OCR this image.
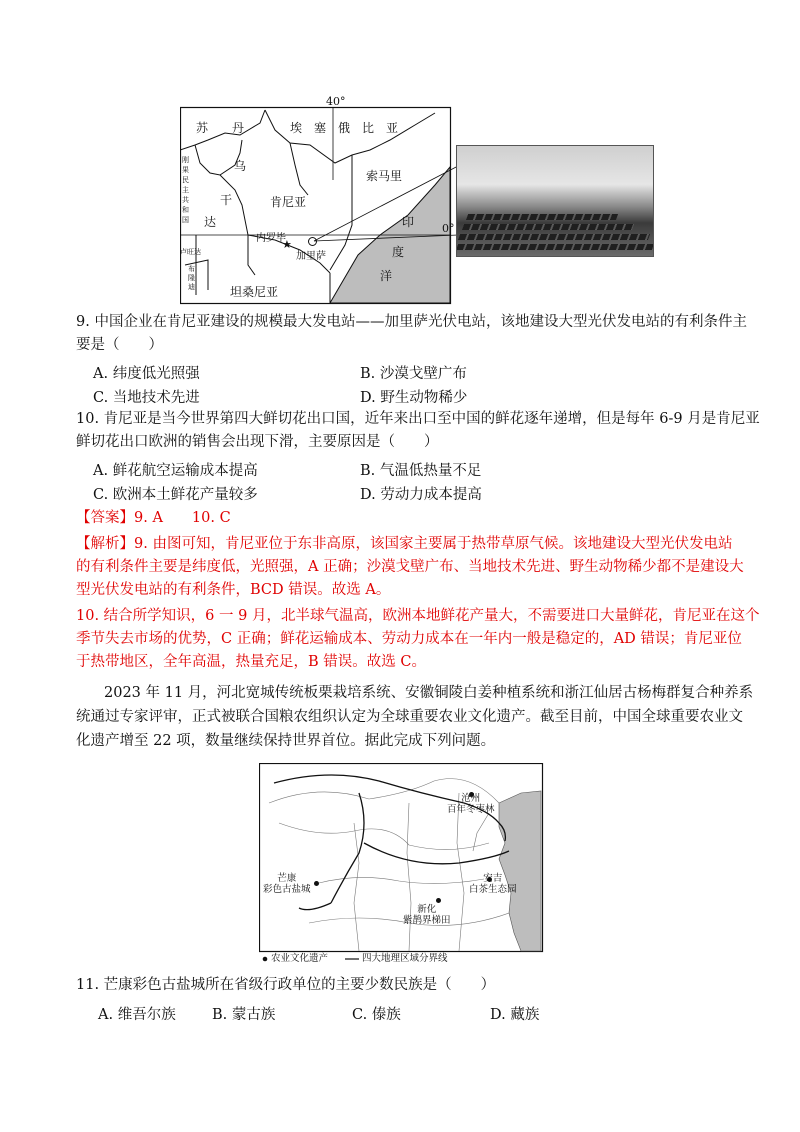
★
40°
0°
苏　　丹	埃　塞　俄　比　亚
乌
干
达
刚果民主共和国
肯尼亚
索马里
内罗毕
加里萨
卢旺达
布隆迪	坦桑尼亚
印
度
洋
9. 中国企业在肯尼亚建设的规模最大发电站——加里萨光伏电站，该地建设大型光伏发电站的有利条件主
要是（　　）
A. 纬度低光照强	B. 沙漠戈壁广布
C. 当地技术先进	D. 野生动物稀少
10. 肯尼亚是当今世界第四大鲜切花出口国，近年来出口至中国的鲜花逐年递增，但是每年 6-9 月是肯尼亚
鲜切花出口欧洲的销售会出现下滑，主要原因是（　　）
A. 鲜花航空运输成本提高	B. 气温低热量不足
C. 欧洲本土鲜花产量较多	D. 劳动力成本提高
【答案】9. A　　10. C
【解析】9. 由图可知，肯尼亚位于东非高原，该国家主要属于热带草原气候。该地建设大型光伏发电站
的有利条件主要是纬度低，光照强，A 正确；沙漠戈壁广布、当地技术先进、野生动物稀少都不是建设大
型光伏发电站的有利条件，BCD 错误。故选 A。
10. 结合所学知识，6 一 9 月，北半球气温高，欧洲本地鲜花产量大，不需要进口大量鲜花，肯尼亚在这个
季节失去市场的优势，C 正确；鲜花运输成本、劳动力成本在一年内一般是稳定的，AD 错误；肯尼亚位
于热带地区，全年高温，热量充足，B 错误。故选 C。
2023 年 11 月，河北宽城传统板栗栽培系统、安徽铜陵白姜种植系统和浙江仙居古杨梅群复合种养系
统通过专家评审，正式被联合国粮农组织认定为全球重要农业文化遗产。截至目前，中国全球重要农业文
化遗产增至 22 项，数量继续保持世界首位。据此完成下列问题。
沧州
百年冬枣林
芒康
彩色古盐城
安吉
白茶生态园
新化
紫鹊界梯田
农业文化遗产	四大地理区域分界线
11. 芒康彩色古盐城所在省级行政单位的主要少数民族是（　　）
A. 维吾尔族	B. 蒙古族	C. 傣族	D. 藏族
